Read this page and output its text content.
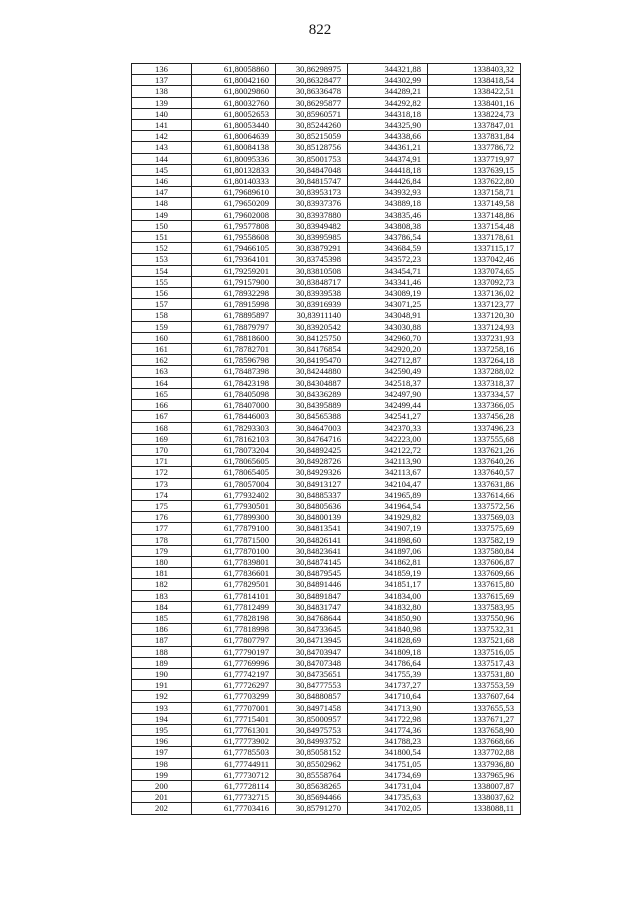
822
136	61,80058860	30,86298975	344321,88	1338403,32
137	61,80042160	30,86328477	344302,99	1338418,54
138	61,80029860	30,86336478	344289,21	1338422,51
139	61,80032760	30,86295877	344292,82	1338401,16
140	61,80052653	30,85960571	344318,18	1338224,73
141	61,80053440	30,85244260	344325,90	1337847,01
142	61,80064639	30,85215059	344338,66	1337831,84
143	61,80084138	30,85128756	344361,21	1337786,72
144	61,80095336	30,85001753	344374,91	1337719,97
145	61,80132833	30,84847048	344418,18	1337639,15
146	61,80140333	30,84815747	344426,84	1337622,80
147	61,79689610	30,83953173	343932,93	1337158,71
148	61,79650209	30,83937376	343889,18	1337149,58
149	61,79602008	30,83937880	343835,46	1337148,86
150	61,79577808	30,83949482	343808,38	1337154,48
151	61,79558608	30,83995985	343786,54	1337178,61
152	61,79466105	30,83879291	343684,59	1337115,17
153	61,79364101	30,83745398	343572,23	1337042,46
154	61,79259201	30,83810508	343454,71	1337074,65
155	61,79157900	30,83848717	343341,46	1337092,73
156	61,78932298	30,83939538	343089,19	1337136,02
157	61,78915998	30,83916939	343071,25	1337123,77
158	61,78895897	30,83911140	343048,91	1337120,30
159	61,78879797	30,83920542	343030,88	1337124,93
160	61,78818600	30,84125750	342960,70	1337231,93
161	61,78782701	30,84176854	342920,20	1337258,16
162	61,78596798	30,84195470	342712,87	1337264,18
163	61,78487398	30,84244880	342590,49	1337288,02
164	61,78423198	30,84304887	342518,37	1337318,37
165	61,78405098	30,84336289	342497,90	1337334,57
166	61,78407000	30,84395889	342499,44	1337366,05
167	61,78446003	30,84565388	342541,27	1337456,28
168	61,78293303	30,84647003	342370,33	1337496,23
169	61,78162103	30,84764716	342223,00	1337555,68
170	61,78073204	30,84892425	342122,72	1337621,26
171	61,78065605	30,84928726	342113,90	1337640,26
172	61,78065405	30,84929326	342113,67	1337640,57
173	61,78057004	30,84913127	342104,47	1337631,86
174	61,77932402	30,84885337	341965,89	1337614,66
175	61,77930501	30,84805636	341964,54	1337572,56
176	61,77899300	30,84800139	341929,82	1337569,03
177	61,77879100	30,84813541	341907,19	1337575,69
178	61,77871500	30,84826141	341898,60	1337582,19
179	61,77870100	30,84823641	341897,06	1337580,84
180	61,77839801	30,84874145	341862,81	1337606,87
181	61,77836601	30,84879545	341859,19	1337609,66
182	61,77829501	30,84891446	341851,17	1337615,80
183	61,77814101	30,84891847	341834,00	1337615,69
184	61,77812499	30,84831747	341832,80	1337583,95
185	61,77828198	30,84768644	341850,90	1337550,96
186	61,77818998	30,84733645	341840,98	1337532,31
187	61,77807797	30,84713945	341828,69	1337521,68
188	61,77790197	30,84703947	341809,18	1337516,05
189	61,77769996	30,84707348	341786,64	1337517,43
190	61,77742197	30,84735651	341755,39	1337531,80
191	61,77726297	30,84777553	341737,27	1337553,59
192	61,77703299	30,84880857	341710,64	1337607,64
193	61,77707001	30,84971458	341713,90	1337655,53
194	61,77715401	30,85000957	341722,98	1337671,27
195	61,77761301	30,84975753	341774,36	1337658,90
196	61,77773902	30,84993752	341788,23	1337668,66
197	61,77785503	30,85058152	341800,54	1337702,88
198	61,77744911	30,85502962	341751,05	1337936,80
199	61,77730712	30,85558764	341734,69	1337965,96
200	61,77728114	30,85638265	341731,04	1338007,87
201	61,77732715	30,85694466	341735,63	1338037,62
202	61,77703416	30,85791270	341702,05	1338088,11
